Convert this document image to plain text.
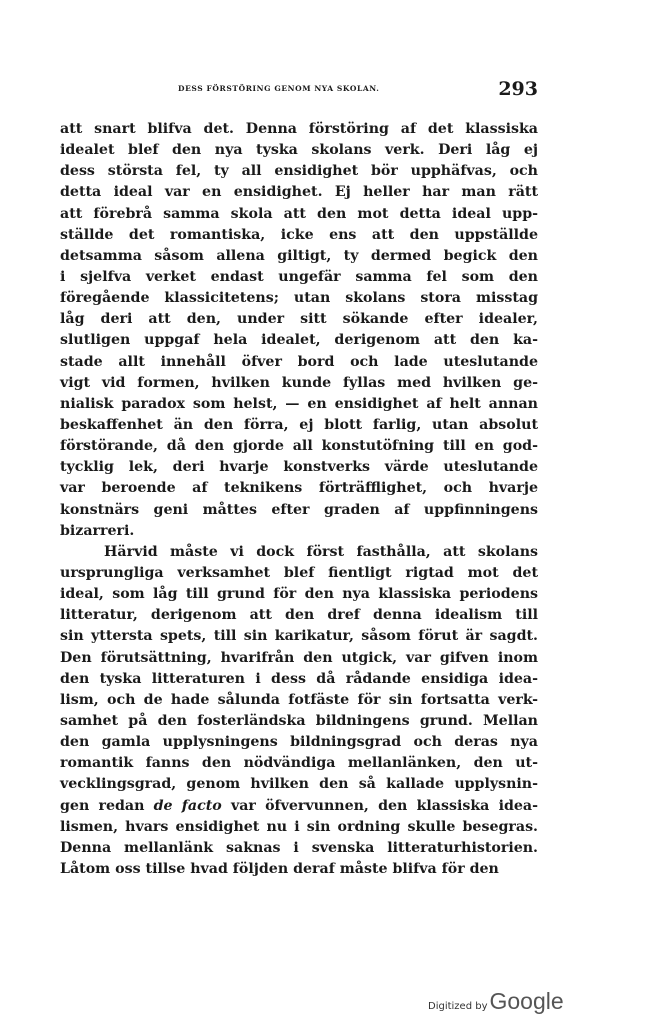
DESS FÖRSTÖRING GENOM NYA SKOLAN.	293
att snart blifva det. Denna förstöring af det klassiska
idealet blef den nya tyska skolans verk. Deri låg ej
dess största fel, ty all ensidighet bör upphäfvas, och
detta ideal var en ensidighet. Ej heller har man rätt
att förebrå samma skola att den mot detta ideal upp-
ställde det romantiska, icke ens att den uppställde
detsamma såsom allena giltigt, ty dermed begick den
i sjelfva verket endast ungefär samma fel som den
föregående klassicitetens; utan skolans stora misstag
låg deri att den, under sitt sökande efter idealer,
slutligen uppgaf hela idealet, derigenom att den ka-
stade allt innehåll öfver bord och lade uteslutande
vigt vid formen, hvilken kunde fyllas med hvilken ge-
nialisk paradox som helst, — en ensidighet af helt annan
beskaffenhet än den förra, ej blott farlig, utan absolut
förstörande, då den gjorde all konstutöfning till en god-
tycklig lek, deri hvarje konstverks värde uteslutande
var beroende af teknikens förträfflighet, och hvarje
konstnärs geni måttes efter graden af uppfinningens
bizarreri.
Härvid måste vi dock först fasthålla, att skolans
ursprungliga verksamhet blef fientligt rigtad mot det
ideal, som låg till grund för den nya klassiska periodens
litteratur, derigenom att den dref denna idealism till
sin yttersta spets, till sin karikatur, såsom förut är sagdt.
Den förutsättning, hvarifrån den utgick, var gifven inom
den tyska litteraturen i dess då rådande ensidiga idea-
lism, och de hade sålunda fotfäste för sin fortsatta verk-
samhet på den fosterländska bildningens grund. Mellan
den gamla upplysningens bildningsgrad och deras nya
romantik fanns den nödvändiga mellanlänken, den ut-
vecklingsgrad, genom hvilken den så kallade upplysnin-
gen redan de facto var öfvervunnen, den klassiska idea-
lismen, hvars ensidighet nu i sin ordning skulle besegras.
Denna mellanlänk saknas i svenska litteraturhistorien.
Låtom oss tillse hvad följden deraf måste blifva för den
Digitized by Google
